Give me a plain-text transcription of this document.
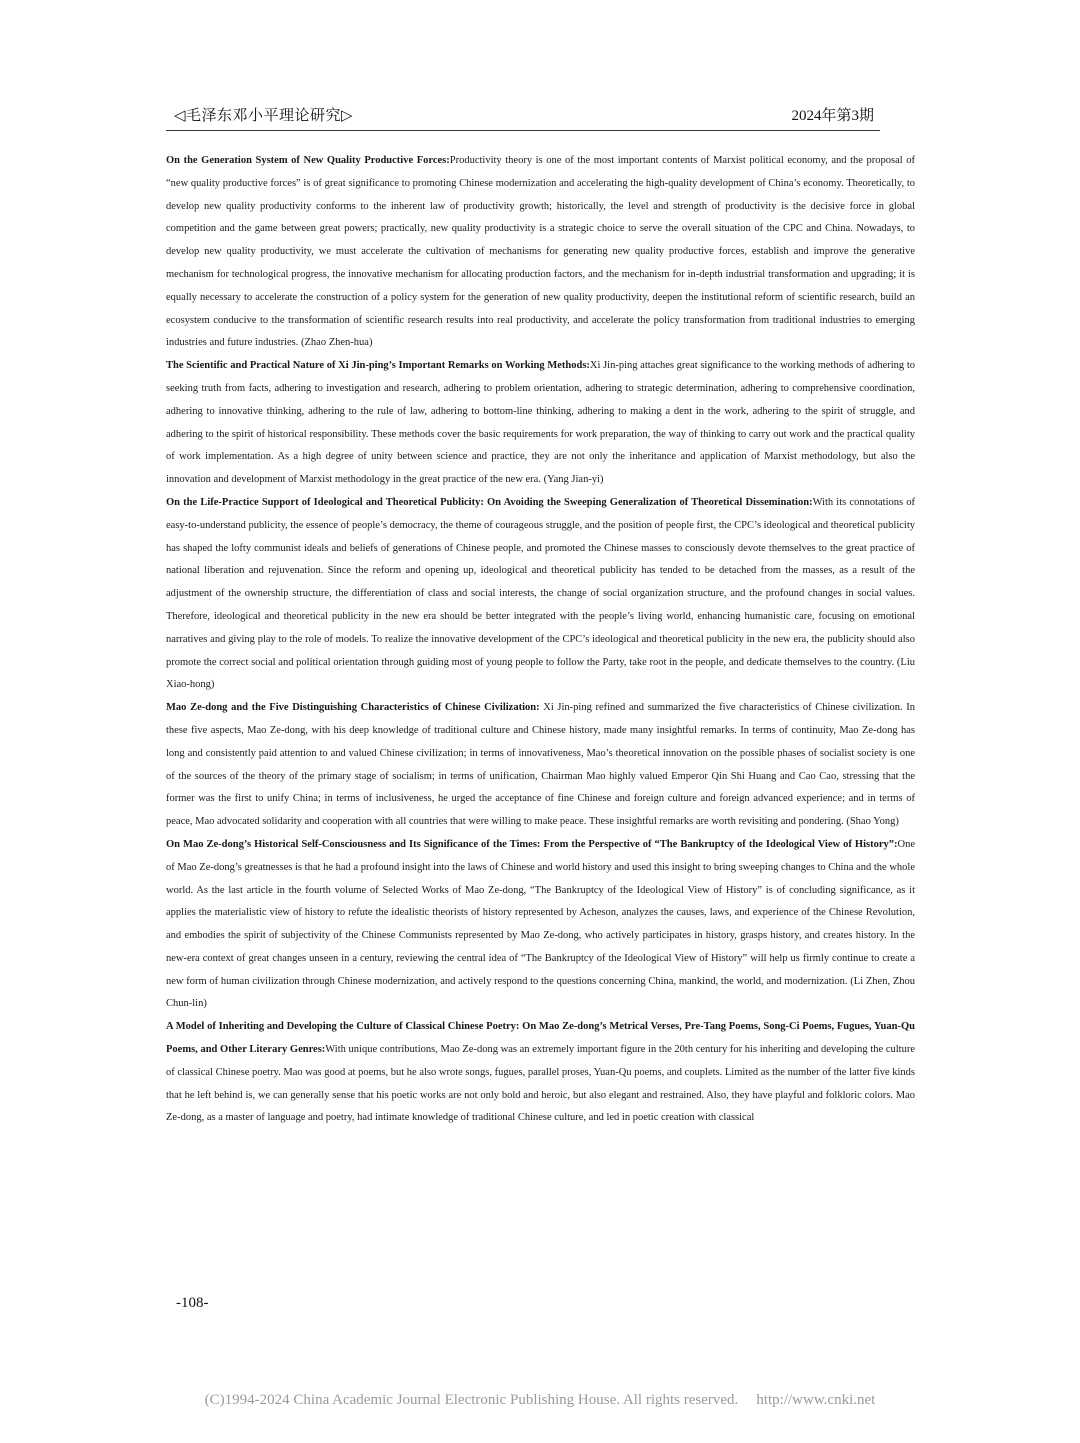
◁毛泽东邓小平理论研究▷	2024年第3期

On the Generation System of New Quality Productive Forces:Productivity theory is one of the most important contents of Marxist political economy, and the proposal of “new quality productive forces” is of great significance to promoting Chinese modernization and accelerating the high-quality development of China’s economy. Theoretically, to develop new quality productivity conforms to the inherent law of productivity growth; historically, the level and strength of productivity is the decisive force in global competition and the game between great powers; practically, new quality productivity is a strategic choice to serve the overall situation of the CPC and China. Nowadays, to develop new quality productivity, we must accelerate the cultivation of mechanisms for generating new quality productive forces, establish and improve the generative mechanism for technological progress, the innovative mechanism for allocating production factors, and the mechanism for in-depth industrial transformation and upgrading; it is equally necessary to accelerate the construction of a policy system for the generation of new quality productivity, deepen the institutional reform of scientific research, build an ecosystem conducive to the transformation of scientific research results into real productivity, and accelerate the policy transformation from traditional industries to emerging industries and future industries. (Zhao Zhen-hua)

The Scientific and Practical Nature of Xi Jin-ping’s Important Remarks on Working Methods:Xi Jin-ping attaches great significance to the working methods of adhering to seeking truth from facts, adhering to investigation and research, adhering to problem orientation, adhering to strategic determination, adhering to comprehensive coordination, adhering to innovative thinking, adhering to the rule of law, adhering to bottom-line thinking, adhering to making a dent in the work, adhering to the spirit of struggle, and adhering to the spirit of historical responsibility. These methods cover the basic requirements for work preparation, the way of thinking to carry out work and the practical quality of work implementation. As a high degree of unity between science and practice, they are not only the inheritance and application of Marxist methodology, but also the innovation and development of Marxist methodology in the great practice of the new era. (Yang Jian-yi)

On the Life-Practice Support of Ideological and Theoretical Publicity: On Avoiding the Sweeping Generalization of Theoretical Dissemination:With its connotations of easy-to-understand publicity, the essence of people’s democracy, the theme of courageous struggle, and the position of people first, the CPC’s ideological and theoretical publicity has shaped the lofty communist ideals and beliefs of generations of Chinese people, and promoted the Chinese masses to consciously devote themselves to the great practice of national liberation and rejuvenation. Since the reform and opening up, ideological and theoretical publicity has tended to be detached from the masses, as a result of the adjustment of the ownership structure, the differentiation of class and social interests, the change of social organization structure, and the profound changes in social values. Therefore, ideological and theoretical publicity in the new era should be better integrated with the people’s living world, enhancing humanistic care, focusing on emotional narratives and giving play to the role of models. To realize the innovative development of the CPC’s ideological and theoretical publicity in the new era, the publicity should also promote the correct social and political orientation through guiding most of young people to follow the Party, take root in the people, and dedicate themselves to the country. (Liu Xiao-hong)

Mao Ze-dong and the Five Distinguishing Characteristics of Chinese Civilization: Xi Jin-ping refined and summarized the five characteristics of Chinese civilization. In these five aspects, Mao Ze-dong, with his deep knowledge of traditional culture and Chinese history, made many insightful remarks. In terms of continuity, Mao Ze-dong has long and consistently paid attention to and valued Chinese civilization; in terms of innovativeness, Mao’s theoretical innovation on the possible phases of socialist society is one of the sources of the theory of the primary stage of socialism; in terms of unification, Chairman Mao highly valued Emperor Qin Shi Huang and Cao Cao, stressing that the former was the first to unify China; in terms of inclusiveness, he urged the acceptance of fine Chinese and foreign culture and foreign advanced experience; and in terms of peace, Mao advocated solidarity and cooperation with all countries that were willing to make peace. These insightful remarks are worth revisiting and pondering. (Shao Yong)

On Mao Ze-dong’s Historical Self-Consciousness and Its Significance of the Times: From the Perspective of “The Bankruptcy of the Ideological View of History”:One of Mao Ze-dong’s greatnesses is that he had a profound insight into the laws of Chinese and world history and used this insight to bring sweeping changes to China and the whole world. As the last article in the fourth volume of Selected Works of Mao Ze-dong, “The Bankruptcy of the Ideological View of History” is of concluding significance, as it applies the materialistic view of history to refute the idealistic theorists of history represented by Acheson, analyzes the causes, laws, and experience of the Chinese Revolution, and embodies the spirit of subjectivity of the Chinese Communists represented by Mao Ze-dong, who actively participates in history, grasps history, and creates history. In the new-era context of great changes unseen in a century, reviewing the central idea of “The Bankruptcy of the Ideological View of History” will help us firmly continue to create a new form of human civilization through Chinese modernization, and actively respond to the questions concerning China, mankind, the world, and modernization. (Li Zhen, Zhou Chun-lin)

A Model of Inheriting and Developing the Culture of Classical Chinese Poetry: On Mao Ze-dong’s Metrical Verses, Pre-Tang Poems, Song-Ci Poems, Fugues, Yuan-Qu Poems, and Other Literary Genres:With unique contributions, Mao Ze-dong was an extremely important figure in the 20th century for his inheriting and developing the culture of classical Chinese poetry. Mao was good at poems, but he also wrote songs, fugues, parallel proses, Yuan-Qu poems, and couplets. Limited as the number of the latter five kinds that he left behind is, we can generally sense that his poetic works are not only bold and heroic, but also elegant and restrained. Also, they have playful and folkloric colors. Mao Ze-dong, as a master of language and poetry, had intimate knowledge of traditional Chinese culture, and led in poetic creation with classical

-108-
(C)1994-2024 China Academic Journal Electronic Publishing House. All rights reserved. http://www.cnki.net
